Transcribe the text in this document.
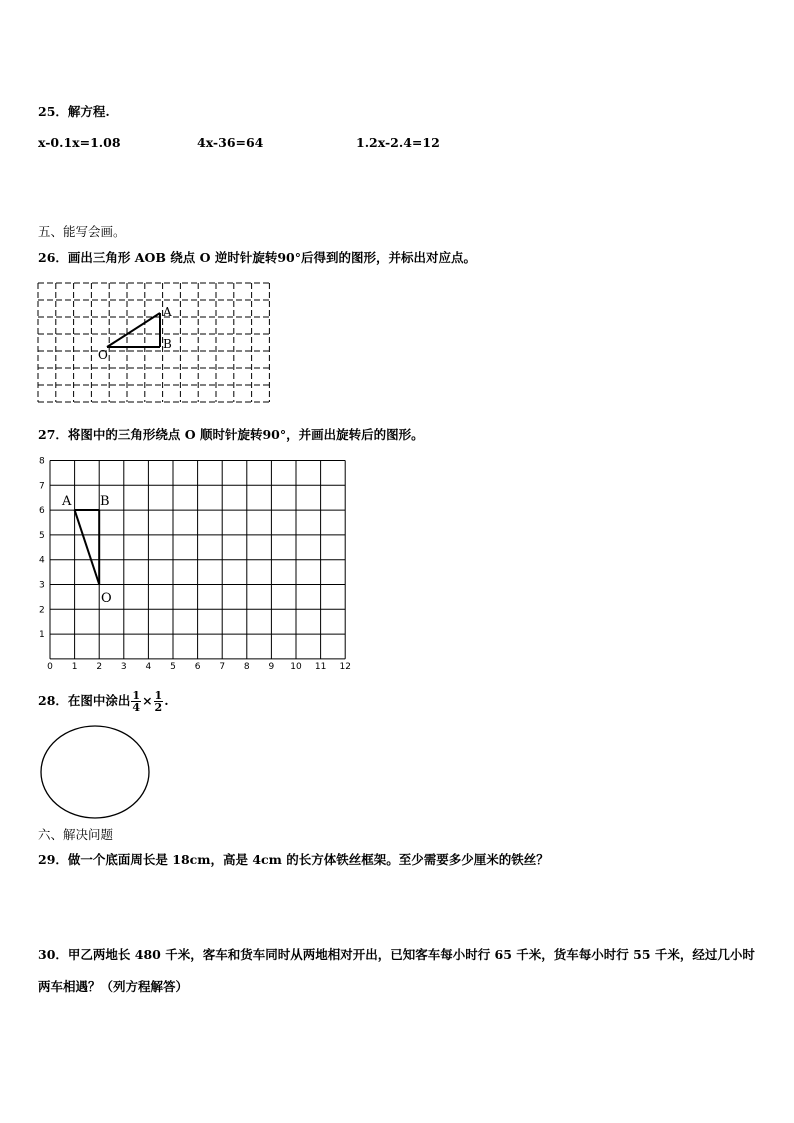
25．解方程.
x-0.1x=1.08	4x-36=64	1.2x-2.4=12
五、能写会画。
26．画出三角形 AOB 绕点 O 逆时针旋转90°后得到的图形，并标出对应点。
A
B
O
27．将图中的三角形绕点 O 顺时针旋转90°，并画出旋转后的图形。
0 1 2 3 4 5 6 7 8 9 10 11 12
1
2
3
4
5
6
7
8
A B
O
28．在图中涂出 $\frac{1}{4} \times \frac{1}{2}$ .
六、解决问题
29．做一个底面周长是 18cm，高是 4cm 的长方体铁丝框架。至少需要多少厘米的铁丝？
30．甲乙两地长 480 千米，客车和货车同时从两地相对开出，已知客车每小时行 65 千米，货车每小时行 55 千米，经过几小时两车相遇？（列方程解答）
